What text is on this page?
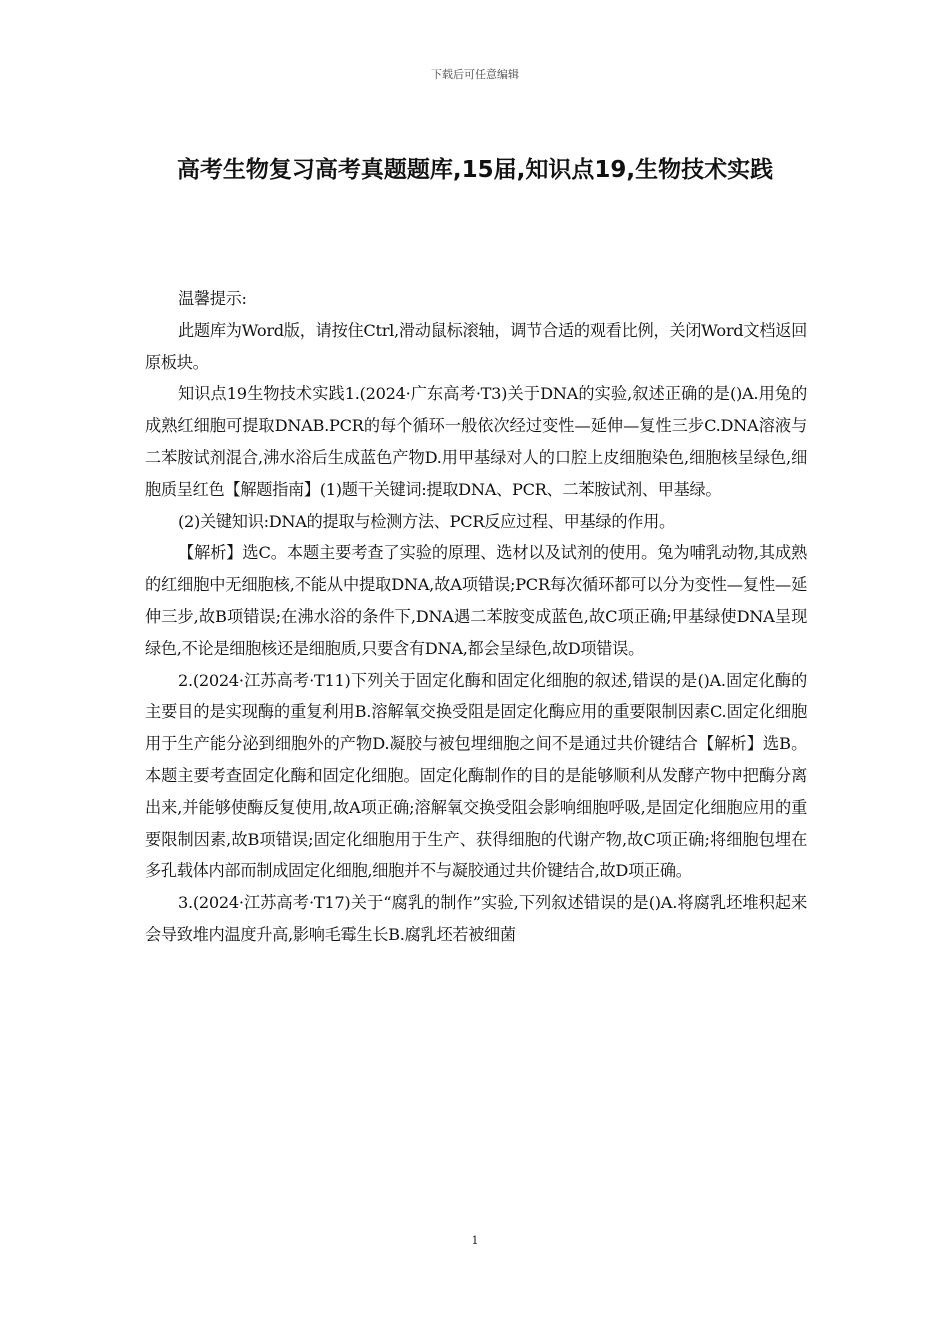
下载后可任意编辑
高考生物复习高考真题题库,15届,知识点19,生物技术实践

温馨提示:

此题库为Word版，请按住Ctrl,滑动鼠标滚轴，调节合适的观看比例，关闭Word文档返回原板块。

知识点19生物技术实践1.(2024·广东高考·T3)关于DNA的实验,叙述正确的是()A.用兔的成熟红细胞可提取DNAB.PCR的每个循环一般依次经过变性—延伸—复性三步C.DNA溶液与二苯胺试剂混合,沸水浴后生成蓝色产物D.用甲基绿对人的口腔上皮细胞染色,细胞核呈绿色,细胞质呈红色【解题指南】(1)题干关键词:提取DNA、PCR、二苯胺试剂、甲基绿。

(2)关键知识:DNA的提取与检测方法、PCR反应过程、甲基绿的作用。

【解析】选C。本题主要考查了实验的原理、选材以及试剂的使用。兔为哺乳动物,其成熟的红细胞中无细胞核,不能从中提取DNA,故A项错误;PCR每次循环都可以分为变性—复性—延伸三步,故B项错误;在沸水浴的条件下,DNA遇二苯胺变成蓝色,故C项正确;甲基绿使DNA呈现绿色,不论是细胞核还是细胞质,只要含有DNA,都会呈绿色,故D项错误。

2.(2024·江苏高考·T11)下列关于固定化酶和固定化细胞的叙述,错误的是()A.固定化酶的主要目的是实现酶的重复利用B.溶解氧交换受阻是固定化酶应用的重要限制因素C.固定化细胞用于生产能分泌到细胞外的产物D.凝胶与被包埋细胞之间不是通过共价键结合【解析】选B。本题主要考查固定化酶和固定化细胞。固定化酶制作的目的是能够顺利从发酵产物中把酶分离出来,并能够使酶反复使用,故A项正确;溶解氧交换受阻会影响细胞呼吸,是固定化细胞应用的重要限制因素,故B项错误;固定化细胞用于生产、获得细胞的代谢产物,故C项正确;将细胞包埋在多孔载体内部而制成固定化细胞,细胞并不与凝胶通过共价键结合,故D项正确。

3.(2024·江苏高考·T17)关于“腐乳的制作”实验,下列叙述错误的是()A.将腐乳坯堆积起来会导致堆内温度升高,影响毛霉生长B.腐乳坯若被细菌

1
